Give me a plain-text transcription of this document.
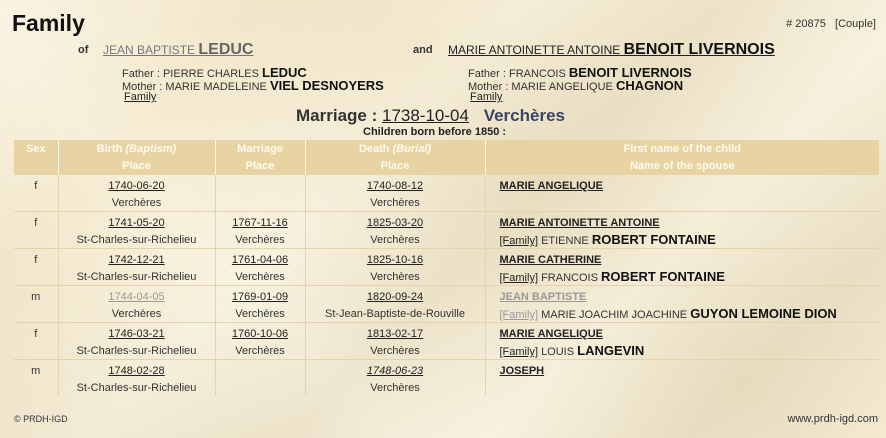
Family	# 20875 [Couple]
of JEAN BAPTISTE LEDUC	and MARIE ANTOINETTE ANTOINE BENOIT LIVERNOIS
Father : PIERRE CHARLES LEDUC
Mother : MARIE MADELEINE VIEL DESNOYERS
Family
Father : FRANCOIS BENOIT LIVERNOIS
Mother : MARIE ANGELIQUE CHAGNON
Family
Marriage : 1738-10-04 Verchères
Children born before 1850 :
Sex	Birth (Baptism)	Marriage	Death (Burial)	First name of the child
	Place	Place	Place	Name of the spouse
f	1740-06-20		1740-08-12	MARIE ANGELIQUE
	Verchères		Verchères	
f	1741-05-20	1767-11-16	1825-03-20	MARIE ANTOINETTE ANTOINE
	St-Charles-sur-Richelieu	Verchères	Verchères	[Family] ETIENNE ROBERT FONTAINE
f	1742-12-21	1761-04-06	1825-10-16	MARIE CATHERINE
	St-Charles-sur-Richelieu	Verchères	Verchères	[Family] FRANCOIS ROBERT FONTAINE
m	1744-04-05	1769-01-09	1820-09-24	JEAN BAPTISTE
	Verchères	Verchères	St-Jean-Baptiste-de-Rouville	[Family] MARIE JOACHIM JOACHINE GUYON LEMOINE DION
f	1746-03-21	1760-10-06	1813-02-17	MARIE ANGELIQUE
	St-Charles-sur-Richelieu	Verchères	Verchères	[Family] LOUIS LANGEVIN
m	1748-02-28		1748-06-23	JOSEPH
	St-Charles-sur-Richelieu		Verchères	
© PRDH-IGD	www.prdh-igd.com
